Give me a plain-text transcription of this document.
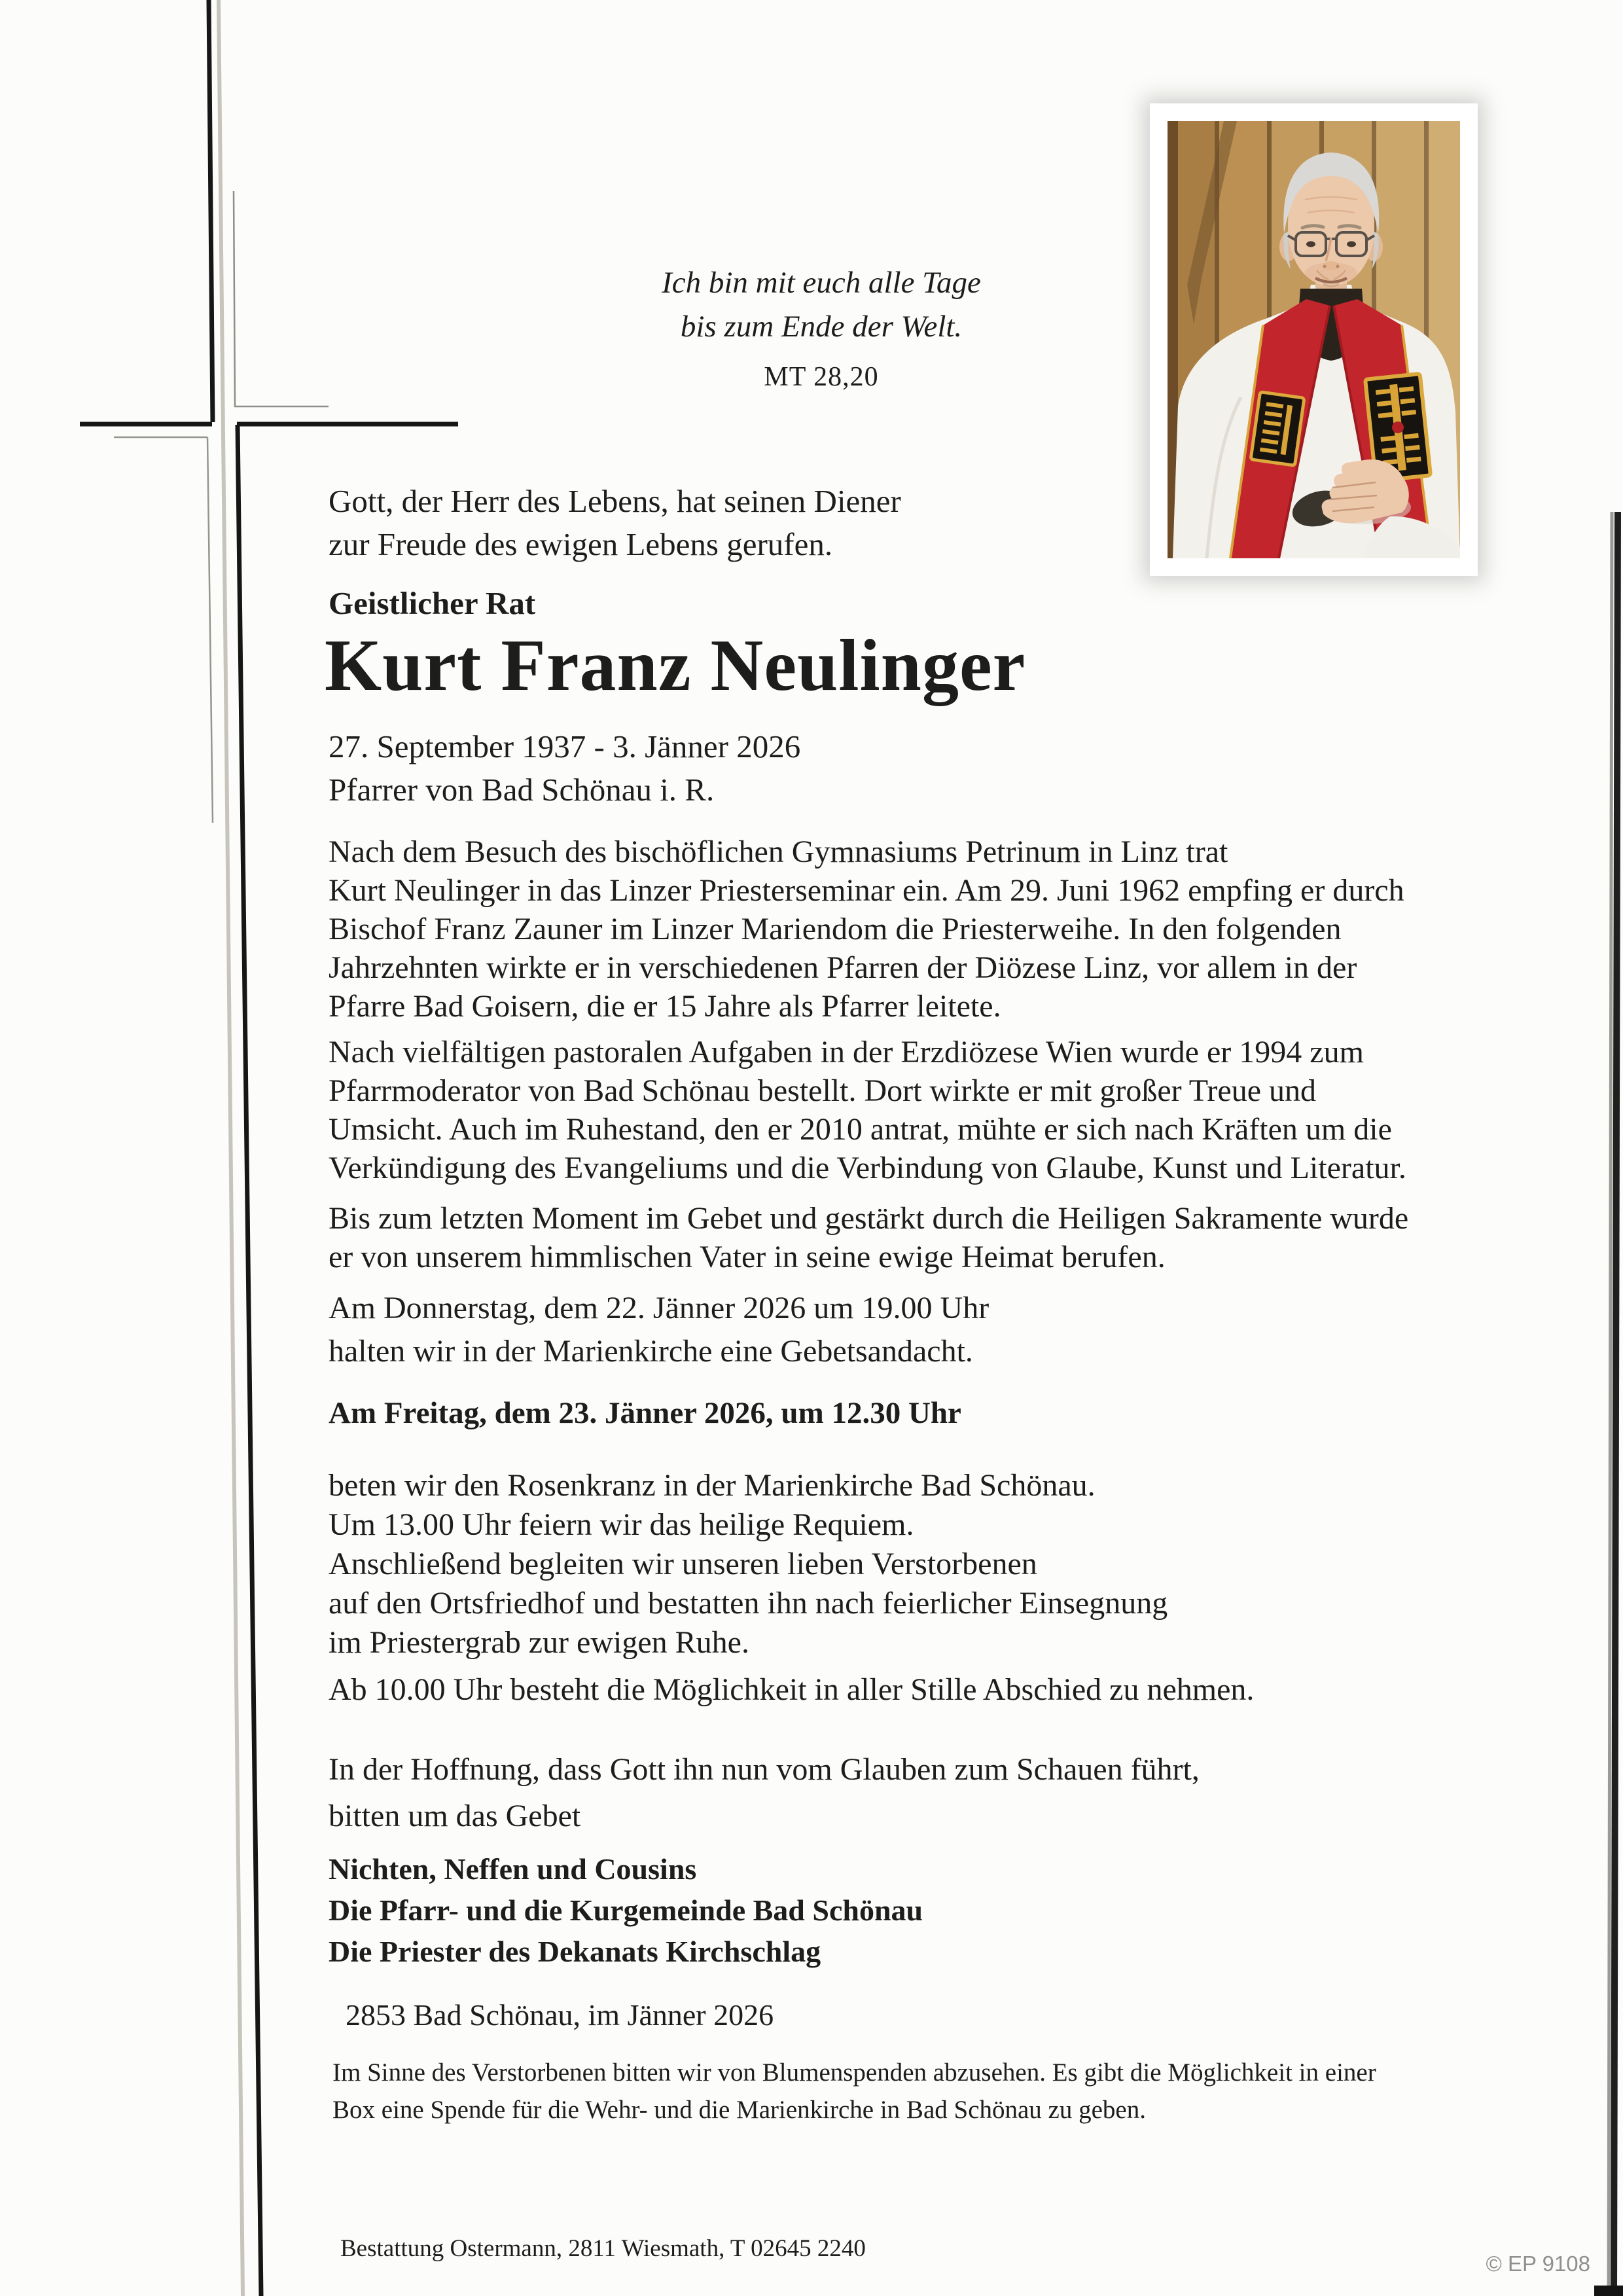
Ich bin mit euch alle Tage
bis zum Ende der Welt.
MT 28,20
Gott, der Herr des Lebens, hat seinen Diener
zur Freude des ewigen Lebens gerufen.
Geistlicher Rat
Kurt Franz Neulinger
27. September 1937 - 3. Jänner 2026
Pfarrer von Bad Schönau i. R.
Nach dem Besuch des bischöflichen Gymnasiums Petrinum in Linz trat
Kurt Neulinger in das Linzer Priesterseminar ein. Am 29. Juni 1962 empfing er durch
Bischof Franz Zauner im Linzer Mariendom die Priesterweihe. In den folgenden
Jahrzehnten wirkte er in verschiedenen Pfarren der Diözese Linz, vor allem in der
Pfarre Bad Goisern, die er 15 Jahre als Pfarrer leitete.
Nach vielfältigen pastoralen Aufgaben in der Erzdiözese Wien wurde er 1994 zum
Pfarrmoderator von Bad Schönau bestellt. Dort wirkte er mit großer Treue und
Umsicht. Auch im Ruhestand, den er 2010 antrat, mühte er sich nach Kräften um die
Verkündigung des Evangeliums und die Verbindung von Glaube, Kunst und Literatur.
Bis zum letzten Moment im Gebet und gestärkt durch die Heiligen Sakramente wurde
er von unserem himmlischen Vater in seine ewige Heimat berufen.
Am Donnerstag, dem 22. Jänner 2026 um 19.00 Uhr
halten wir in der Marienkirche eine Gebetsandacht.
Am Freitag, dem 23. Jänner 2026, um 12.30 Uhr
beten wir den Rosenkranz in der Marienkirche Bad Schönau.
Um 13.00 Uhr feiern wir das heilige Requiem.
Anschließend begleiten wir unseren lieben Verstorbenen
auf den Ortsfriedhof und bestatten ihn nach feierlicher Einsegnung
im Priestergrab zur ewigen Ruhe.
Ab 10.00 Uhr besteht die Möglichkeit in aller Stille Abschied zu nehmen.
In der Hoffnung, dass Gott ihn nun vom Glauben zum Schauen führt,
bitten um das Gebet
Nichten, Neffen und Cousins
Die Pfarr- und die Kurgemeinde Bad Schönau
Die Priester des Dekanats Kirchschlag
2853 Bad Schönau, im Jänner 2026
Im Sinne des Verstorbenen bitten wir von Blumenspenden abzusehen. Es gibt die Möglichkeit in einer
Box eine Spende für die Wehr- und die Marienkirche in Bad Schönau zu geben.
Bestattung Ostermann, 2811 Wiesmath, T 02645 2240
© EP 9108
